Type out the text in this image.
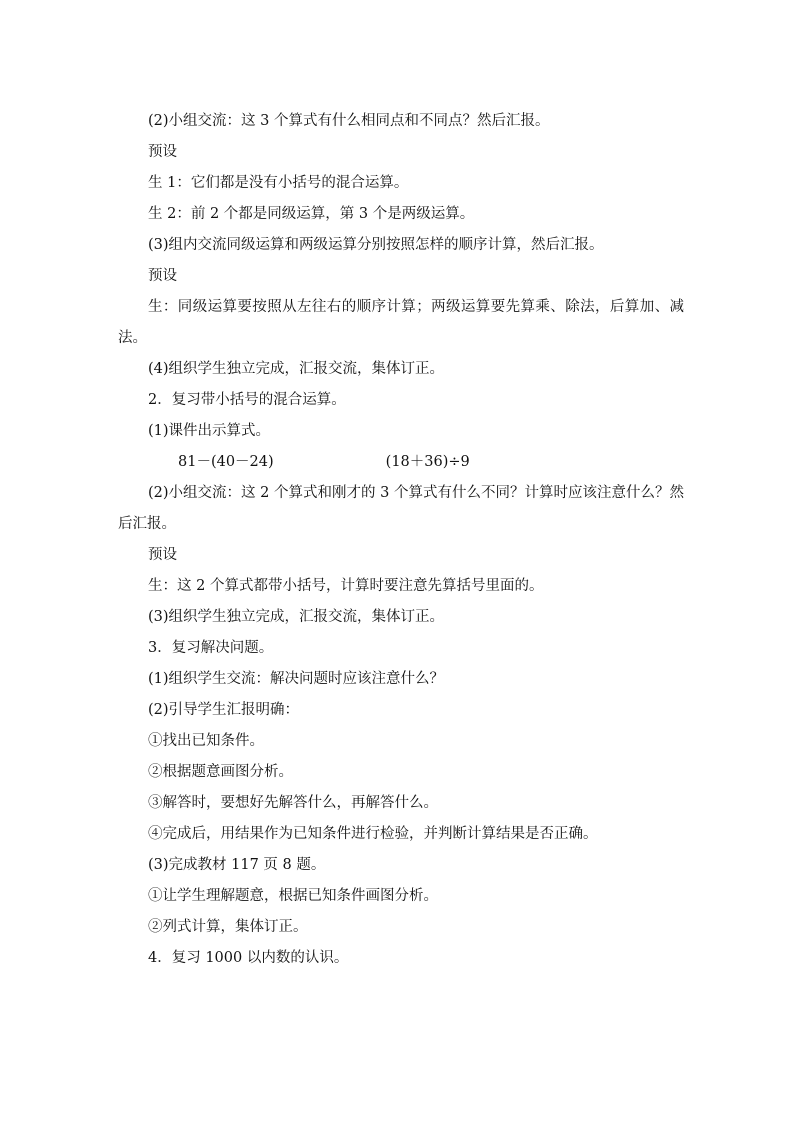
(2)小组交流：这 3 个算式有什么相同点和不同点？然后汇报。
预设
生 1：它们都是没有小括号的混合运算。
生 2：前 2 个都是同级运算，第 3 个是两级运算。
(3)组内交流同级运算和两级运算分别按照怎样的顺序计算，然后汇报。
预设
生：同级运算要按照从左往右的顺序计算；两级运算要先算乘、除法，后算加、减法。
(4)组织学生独立完成，汇报交流，集体订正。
2．复习带小括号的混合运算。
(1)课件出示算式。
81－(40－24)	(18＋36)÷9
(2)小组交流：这 2 个算式和刚才的 3 个算式有什么不同？计算时应该注意什么？然后汇报。
预设
生：这 2 个算式都带小括号，计算时要注意先算括号里面的。
(3)组织学生独立完成，汇报交流，集体订正。
3．复习解决问题。
(1)组织学生交流：解决问题时应该注意什么？
(2)引导学生汇报明确：
①找出已知条件。
②根据题意画图分析。
③解答时，要想好先解答什么，再解答什么。
④完成后，用结果作为已知条件进行检验，并判断计算结果是否正确。
(3)完成教材 117 页 8 题。
①让学生理解题意，根据已知条件画图分析。
②列式计算，集体订正。
4．复习 1000 以内数的认识。
